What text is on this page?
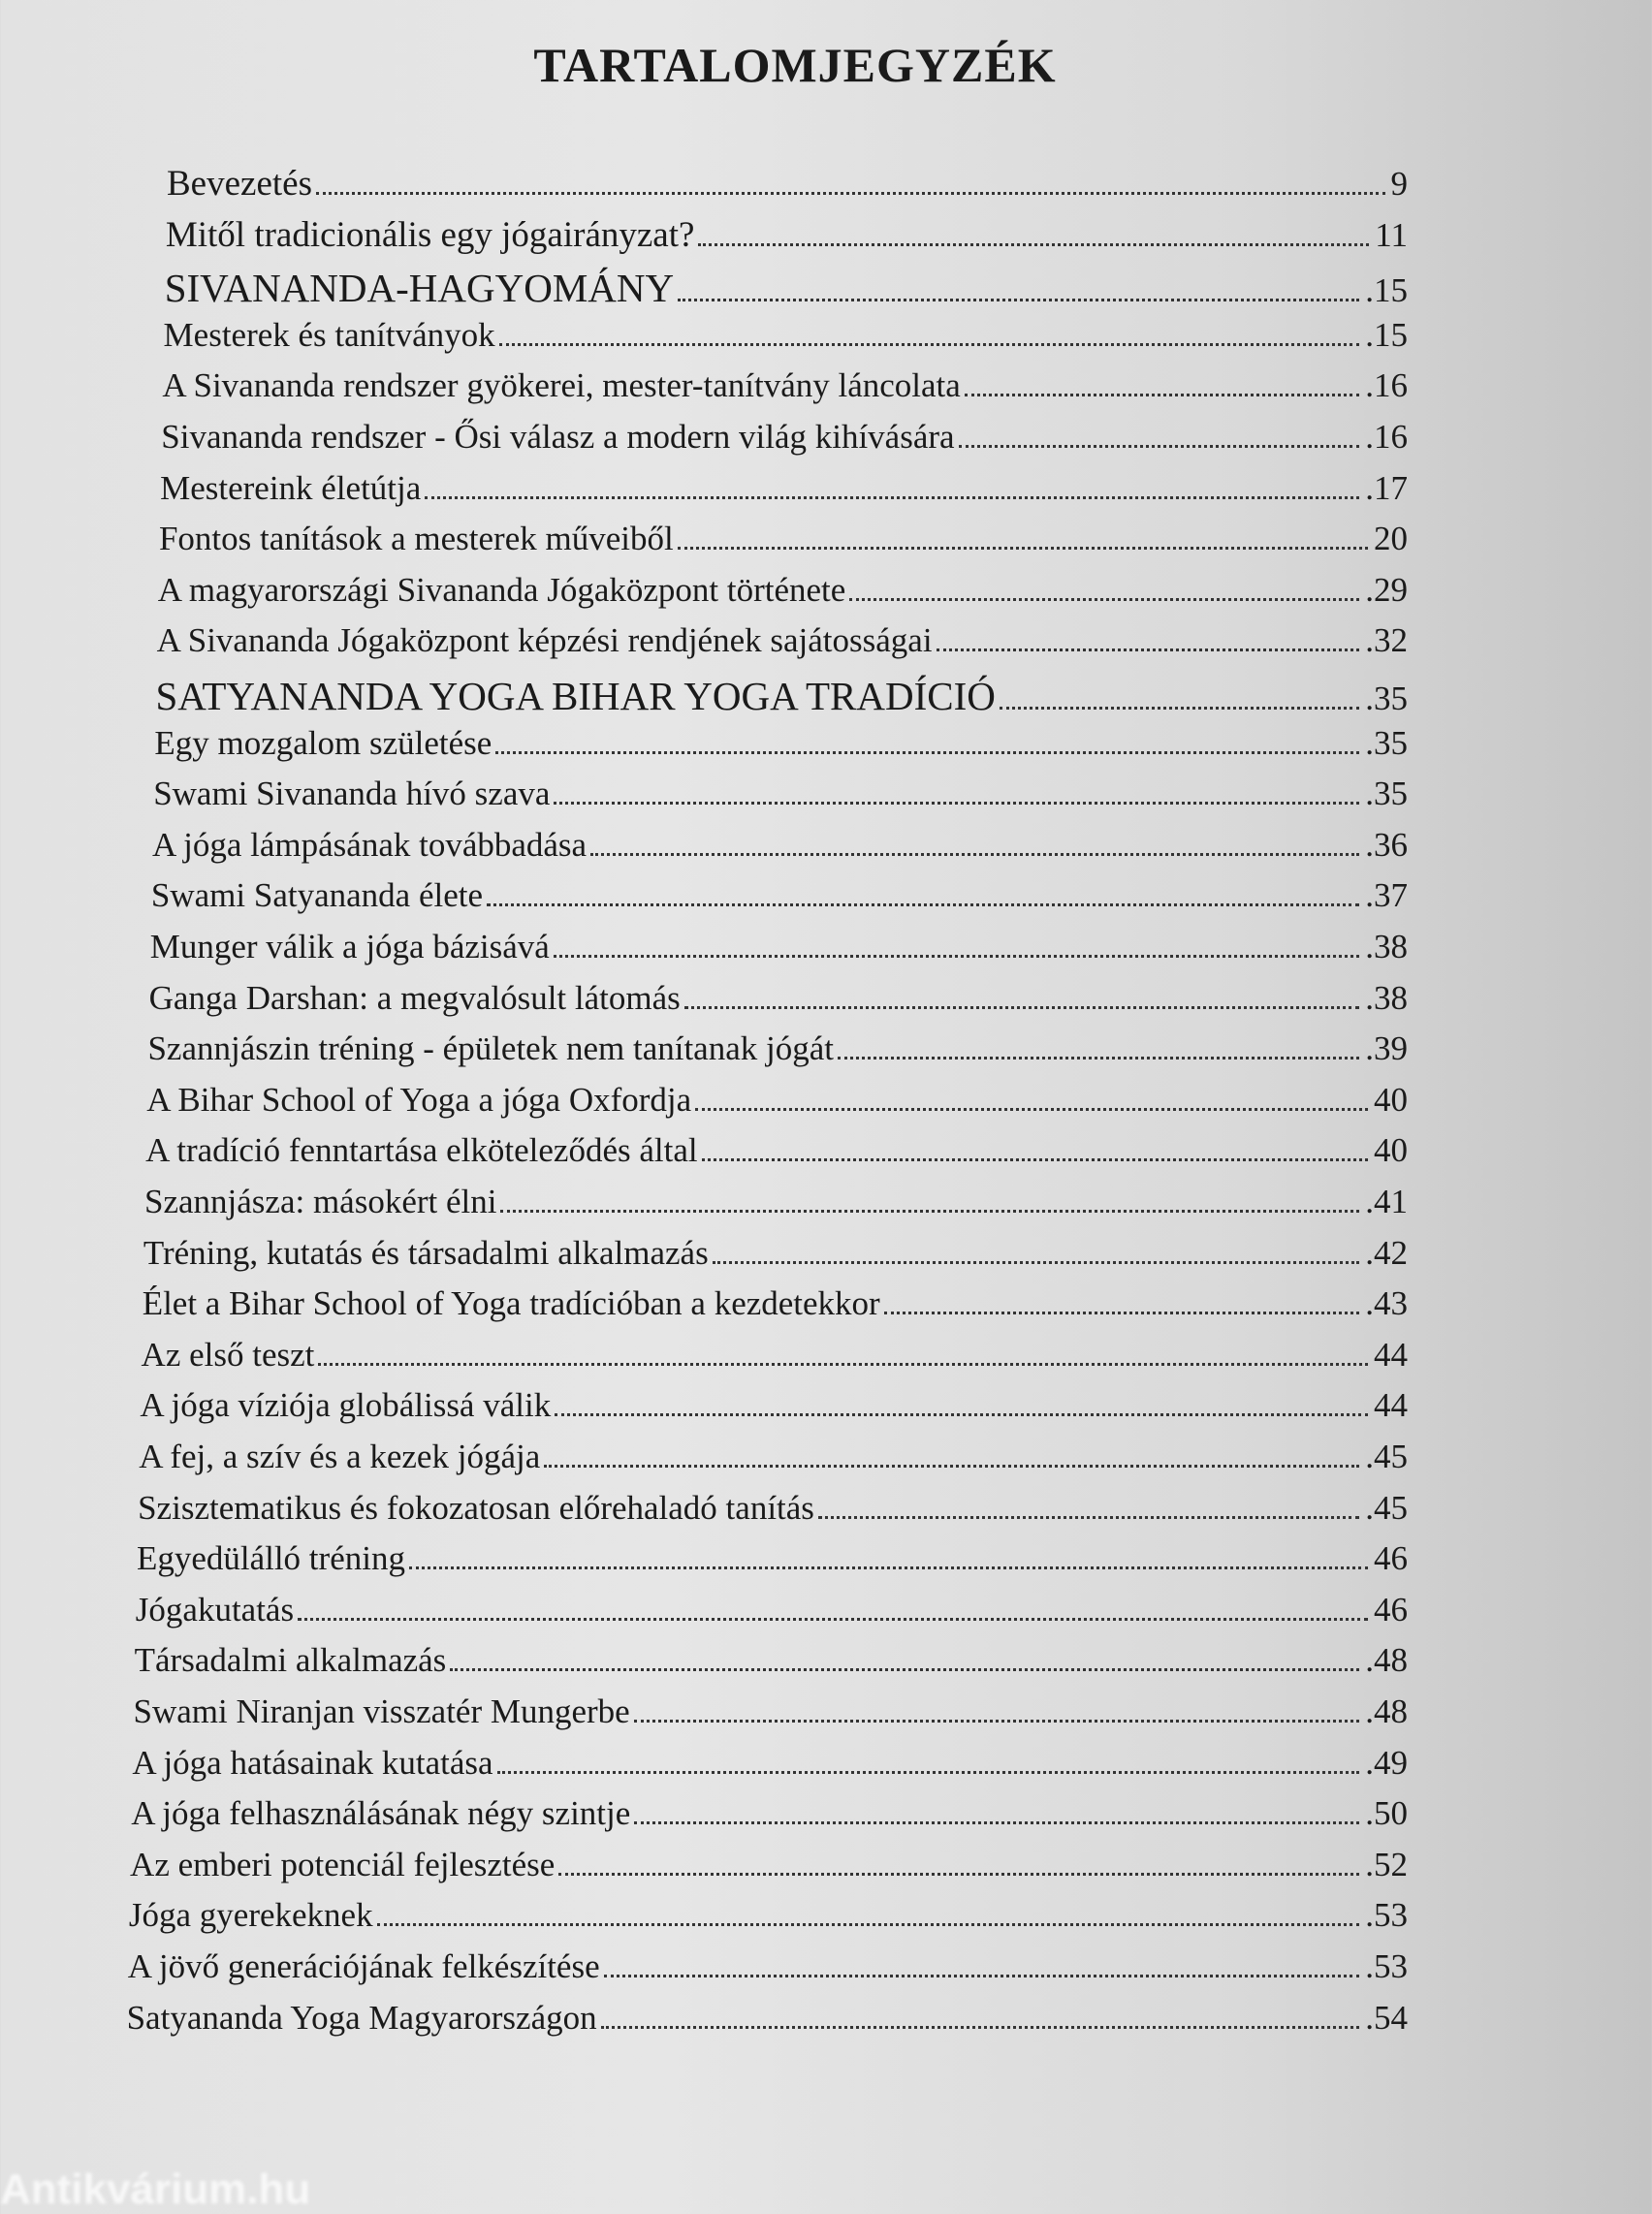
TARTALOMJEGYZÉK
Bevezetés	9
Mitől tradicionális egy jógairányzat?	11
SIVANANDA-HAGYOMÁNY	.15
Mesterek és tanítványok	.15
A Sivananda rendszer gyökerei, mester-tanítvány láncolata	.16
Sivananda rendszer - Ősi válasz a modern világ kihívására	.16
Mestereink életútja	.17
Fontos tanítások a mesterek műveiből	20
A magyarországi Sivananda Jógaközpont története	.29
A Sivananda Jógaközpont képzési rendjének sajátosságai	.32
SATYANANDA YOGA BIHAR YOGA TRADÍCIÓ	.35
Egy mozgalom születése	.35
Swami Sivananda hívó szava	.35
A jóga lámpásának továbbadása	.36
Swami Satyananda élete	.37
Munger válik a jóga bázisává	.38
Ganga Darshan: a megvalósult látomás	.38
Szannjászin tréning - épületek nem tanítanak jógát	.39
A Bihar School of Yoga a jóga Oxfordja	40
A tradíció fenntartása elköteleződés által	40
Szannjásza: másokért élni	.41
Tréning, kutatás és társadalmi alkalmazás	.42
Élet a Bihar School of Yoga tradícióban a kezdetekkor	.43
Az első teszt	44
A jóga víziója globálissá válik	44
A fej, a szív és a kezek jógája	.45
Szisztematikus és fokozatosan előrehaladó tanítás	.45
Egyedülálló tréning	46
Jógakutatás	46
Társadalmi alkalmazás	.48
Swami Niranjan visszatér Mungerbe	.48
A jóga hatásainak kutatása	.49
A jóga felhasználásának négy szintje	.50
Az emberi potenciál fejlesztése	.52
Jóga gyerekeknek	.53
A jövő generációjának felkészítése	.53
Satyananda Yoga Magyarországon	.54
Antikvárium.hu
